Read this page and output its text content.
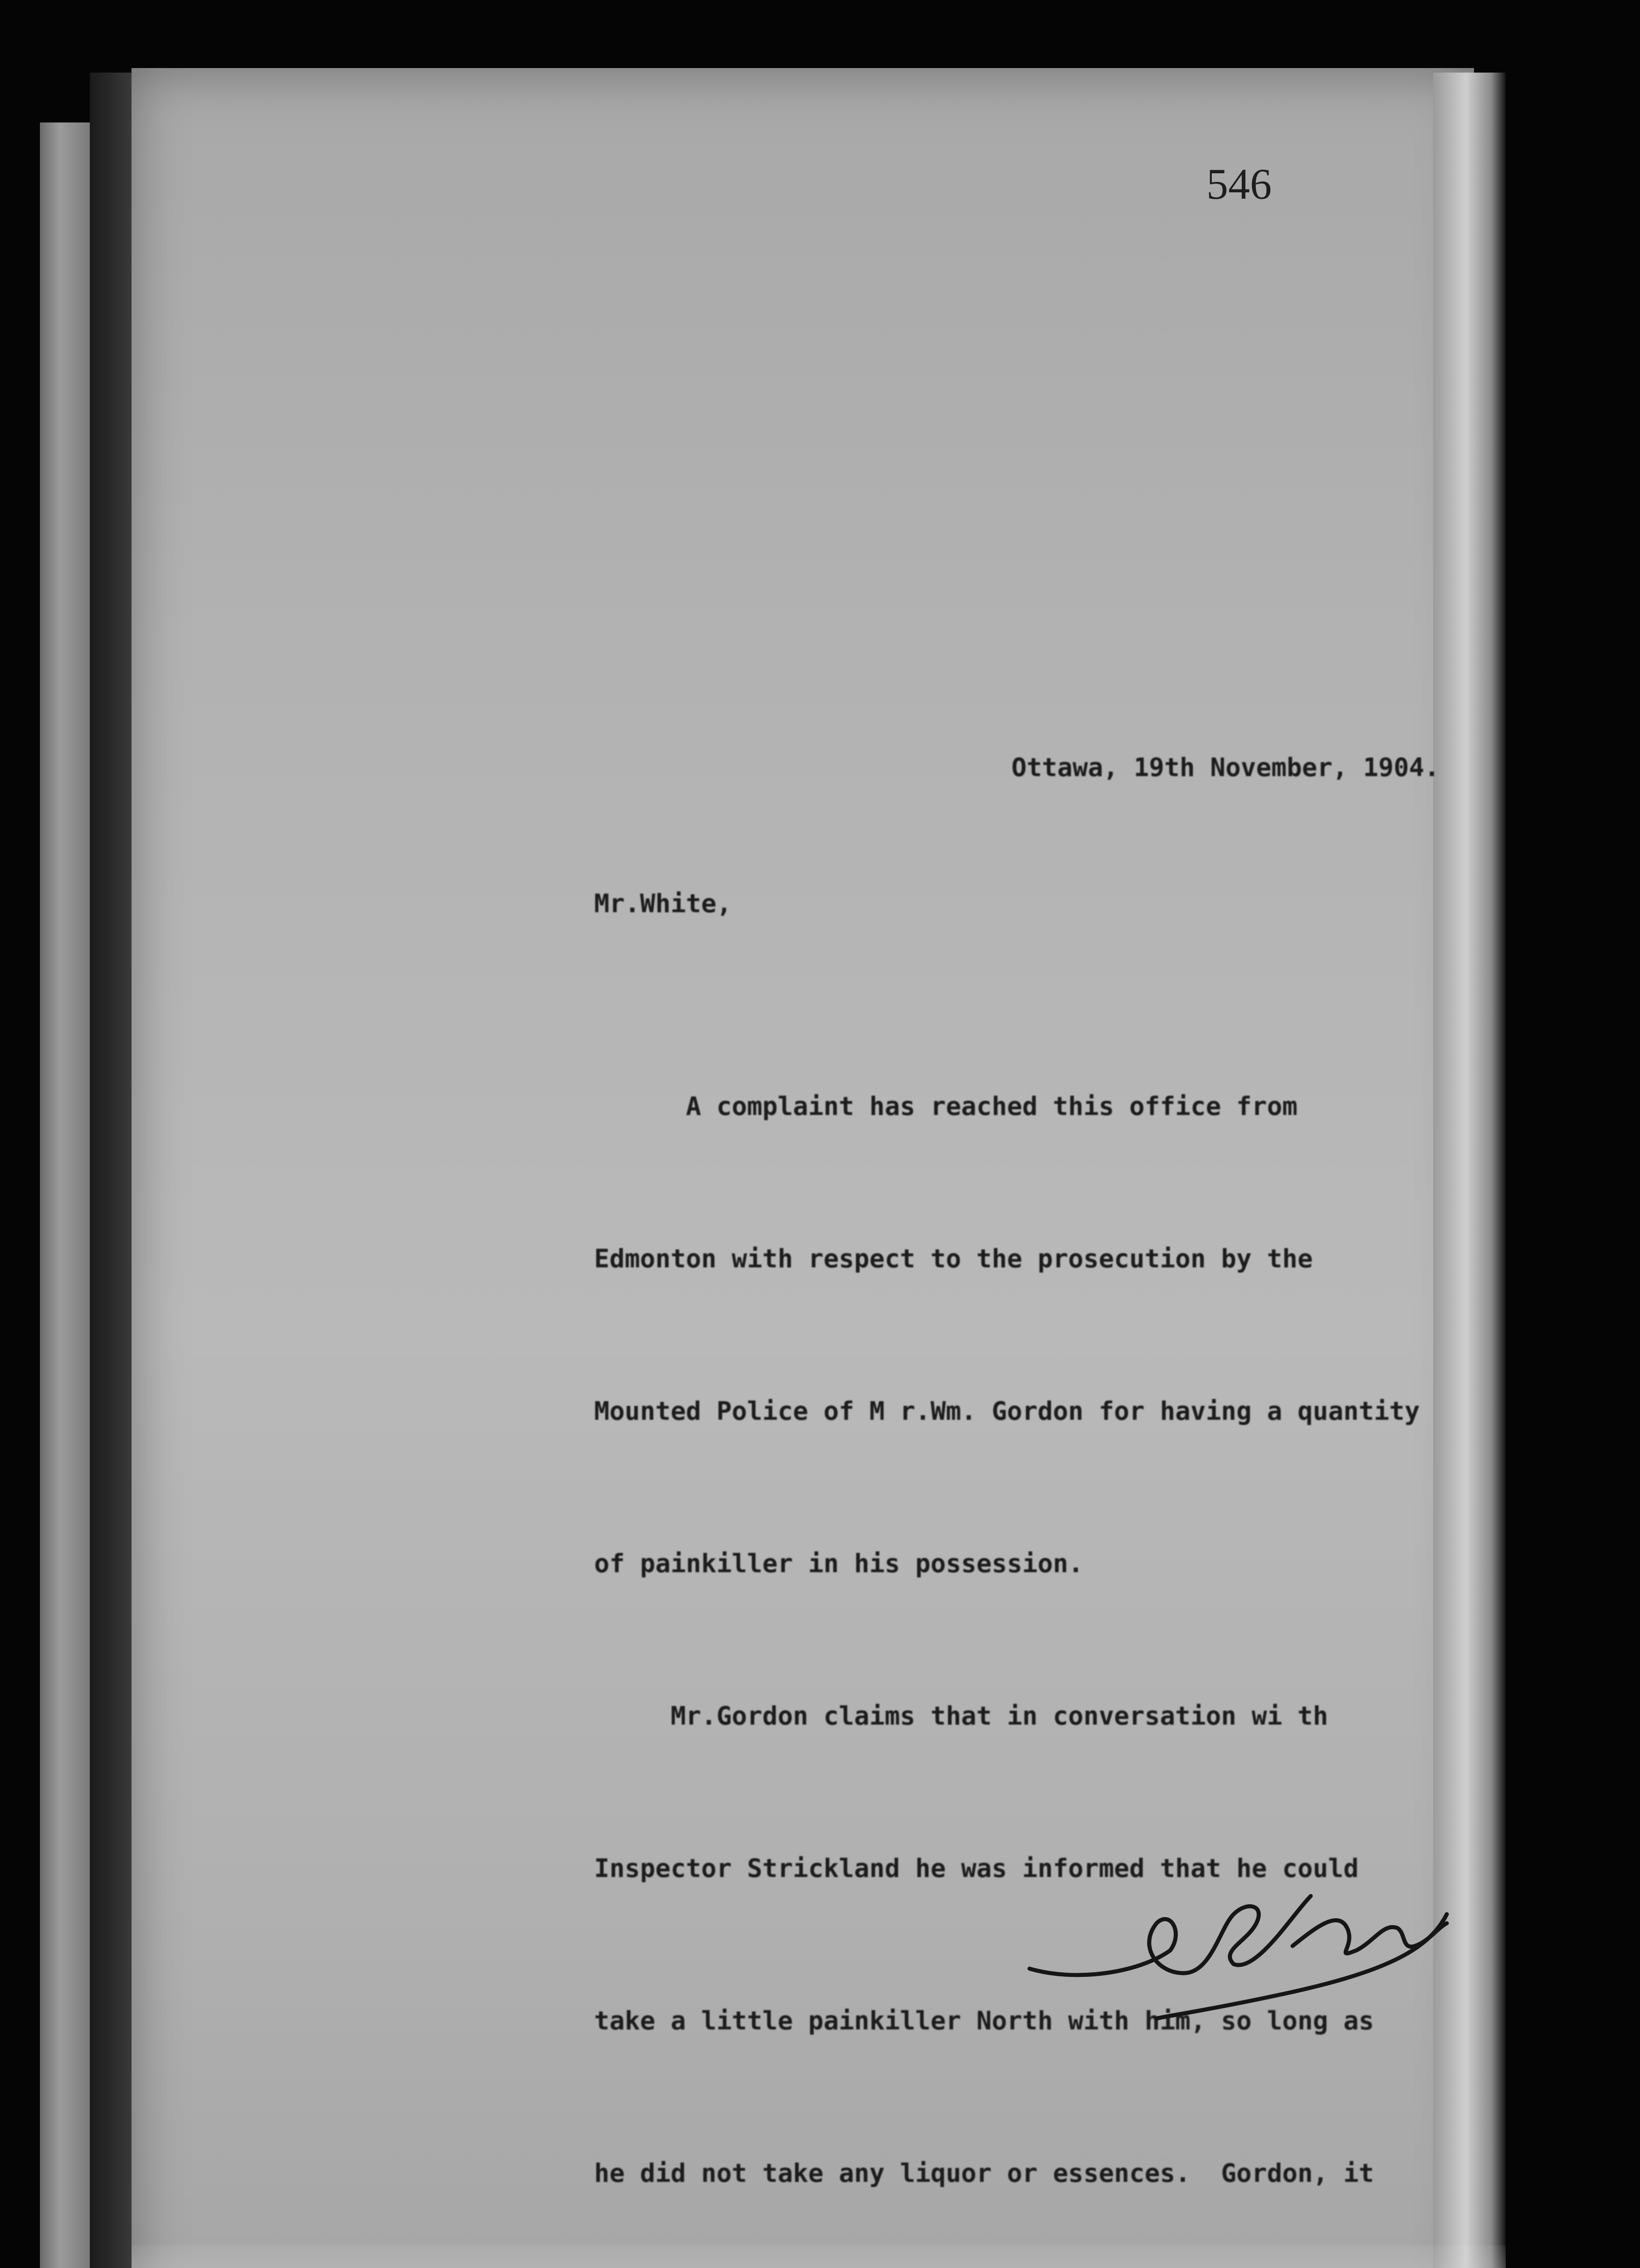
546
Ottawa, 19th November, 1904.
Mr.White,

A complaint has reached this office from

Edmonton with respect to the prosecution by the

Mounted Police of M r.Wm. Gordon for having a quantity

of painkiller in his possession.

Mr.Gordon claims that in conversation wi th

Inspector Strickland he was informed that he could

take a little painkiller North with him, so long as

he did not take any liquor or essences.  Gordon, it
